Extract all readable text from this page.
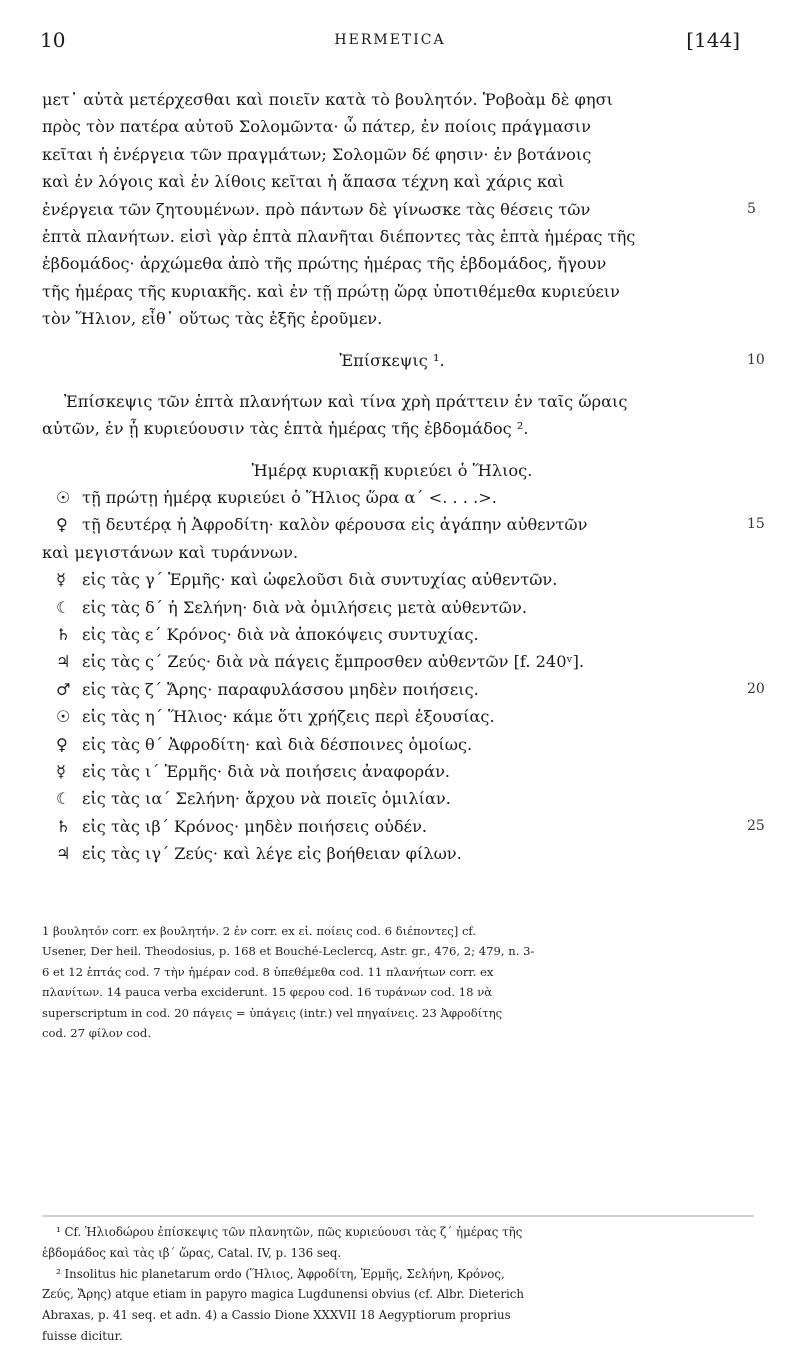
10	HERMETICA	[144]
μετ᾽ αὐτὰ μετέρχεσθαι καὶ ποιεῖν κατὰ τὸ βουλητόν. Ῥοβοὰμ δὲ φησι
πρὸς τὸν πατέρα αὐτοῦ Σολομῶντα· ὦ πάτερ, ἐν ποίοις πράγμασιν
κεῖται ἡ ἐνέργεια τῶν πραγμάτων; Σολομῶν δέ φησιν· ἐν βοτάνοις
καὶ ἐν λόγοις καὶ ἐν λίθοις κεῖται ἡ ἅπασα τέχνη καὶ χάρις καὶ
ἐνέργεια τῶν ζητουμένων. πρὸ πάντων δὲ γίνωσκε τὰς θέσεις τῶν	5
ἑπτὰ πλανήτων. εἰσὶ γὰρ ἑπτὰ πλανῆται διέποντες τὰς ἑπτὰ ἡμέρας τῆς
ἑβδομάδος· ἀρχώμεθα ἀπὸ τῆς πρώτης ἡμέρας τῆς ἑβδομάδος, ἤγουν
τῆς ἡμέρας τῆς κυριακῆς. καὶ ἐν τῇ πρώτῃ ὥρᾳ ὑποτιθέμεθα κυριεύειν
τὸν Ἥλιον, εἶθ᾽ οὕτως τὰς ἑξῆς ἐροῦμεν.
Ἐπίσκεψις ¹.	10
Ἐπίσκεψις τῶν ἑπτὰ πλανήτων καὶ τίνα χρὴ πράττειν ἐν ταῖς ὥραις
αὐτῶν, ἐν ᾗ κυριεύουσιν τὰς ἑπτὰ ἡμέρας τῆς ἑβδομάδος ².
Ἡμέρᾳ κυριακῇ κυριεύει ὁ Ἥλιος.
☉ τῇ πρώτῃ ἡμέρᾳ κυριεύει ὁ Ἥλιος ὥρα α΄ <. . . .>.
♀ τῇ δευτέρᾳ ἡ Ἀφροδίτη· καλὸν φέρουσα εἰς ἀγάπην αὐθεντῶν	15
καὶ μεγιστάνων καὶ τυράννων.
☿ εἰς τὰς γ΄ Ἑρμῆς· καὶ ὠφελοῦσι διὰ συντυχίας αὐθεντῶν.
☾ εἰς τὰς δ΄ ἡ Σελήνη· διὰ νὰ ὁμιλήσεις μετὰ αὐθεντῶν.
♄ εἰς τὰς ε΄ Κρόνος· διὰ νὰ ἀποκόψεις συντυχίας.
♃ εἰς τὰς ς΄ Ζεύς· διὰ νὰ πάγεις ἔμπροσθεν αὐθεντῶν [f. 240ᵛ].
♂ εἰς τὰς ζ΄ Ἄρης· παραφυλάσσου μηδὲν ποιήσεις.	20
☉ εἰς τὰς η΄ Ἥλιος· κάμε ὅτι χρήζεις περὶ ἐξουσίας.
♀ εἰς τὰς θ΄ Ἀφροδίτη· καὶ διὰ δέσποινες ὁμοίως.
☿ εἰς τὰς ι΄ Ἑρμῆς· διὰ νὰ ποιήσεις ἀναφοράν.
☾ εἰς τὰς ια΄ Σελήνη· ἄρχου νὰ ποιεῖς ὁμιλίαν.
♄ εἰς τὰς ιβ΄ Κρόνος· μηδὲν ποιήσεις οὐδέν.	25
♃ εἰς τὰς ιγ΄ Ζεύς· καὶ λέγε εἰς βοήθειαν φίλων.
1 βουλητόν corr. ex βουλητήν. 2 ἐν corr. ex εἰ. ποίεις cod. 6 διέποντες] cf.
Usener, Der heil. Theodosius, p. 168 et Bouché-Leclercq, Astr. gr., 476, 2; 479, n. 3-
6 et 12 ἑπτάς cod. 7 τὴν ἡμέραν cod. 8 ὑπεθέμεθα cod. 11 πλανήτων corr. ex
πλανίτων. 14 pauca verba exciderunt. 15 φερου cod. 16 τυράνων cod. 18 νὰ
superscriptum in cod. 20 πάγεις = ὑπάγεις (intr.) vel πηγαίνεις. 23 Ἀφροδίτης
cod. 27 φίλον cod.
¹ Cf. Ἡλιοδώρου ἐπίσκεψις τῶν πλανητῶν, πῶς κυριεύουσι τὰς ζ΄ ἡμέρας τῆς
ἑβδομάδος καὶ τὰς ιβ΄ ὥρας, Catal. IV, p. 136 seq.
² Insolitus hic planetarum ordo (Ἥλιος, Ἀφροδίτη, Ἑρμῆς, Σελήνη, Κρόνος,
Ζεύς, Ἄρης) atque etiam in papyro magica Lugdunensi obvius (cf. Albr. Dieterich
Abraxas, p. 41 seq. et adn. 4) a Cassio Dione XXXVII 18 Aegyptiorum proprius
fuisse dicitur.
